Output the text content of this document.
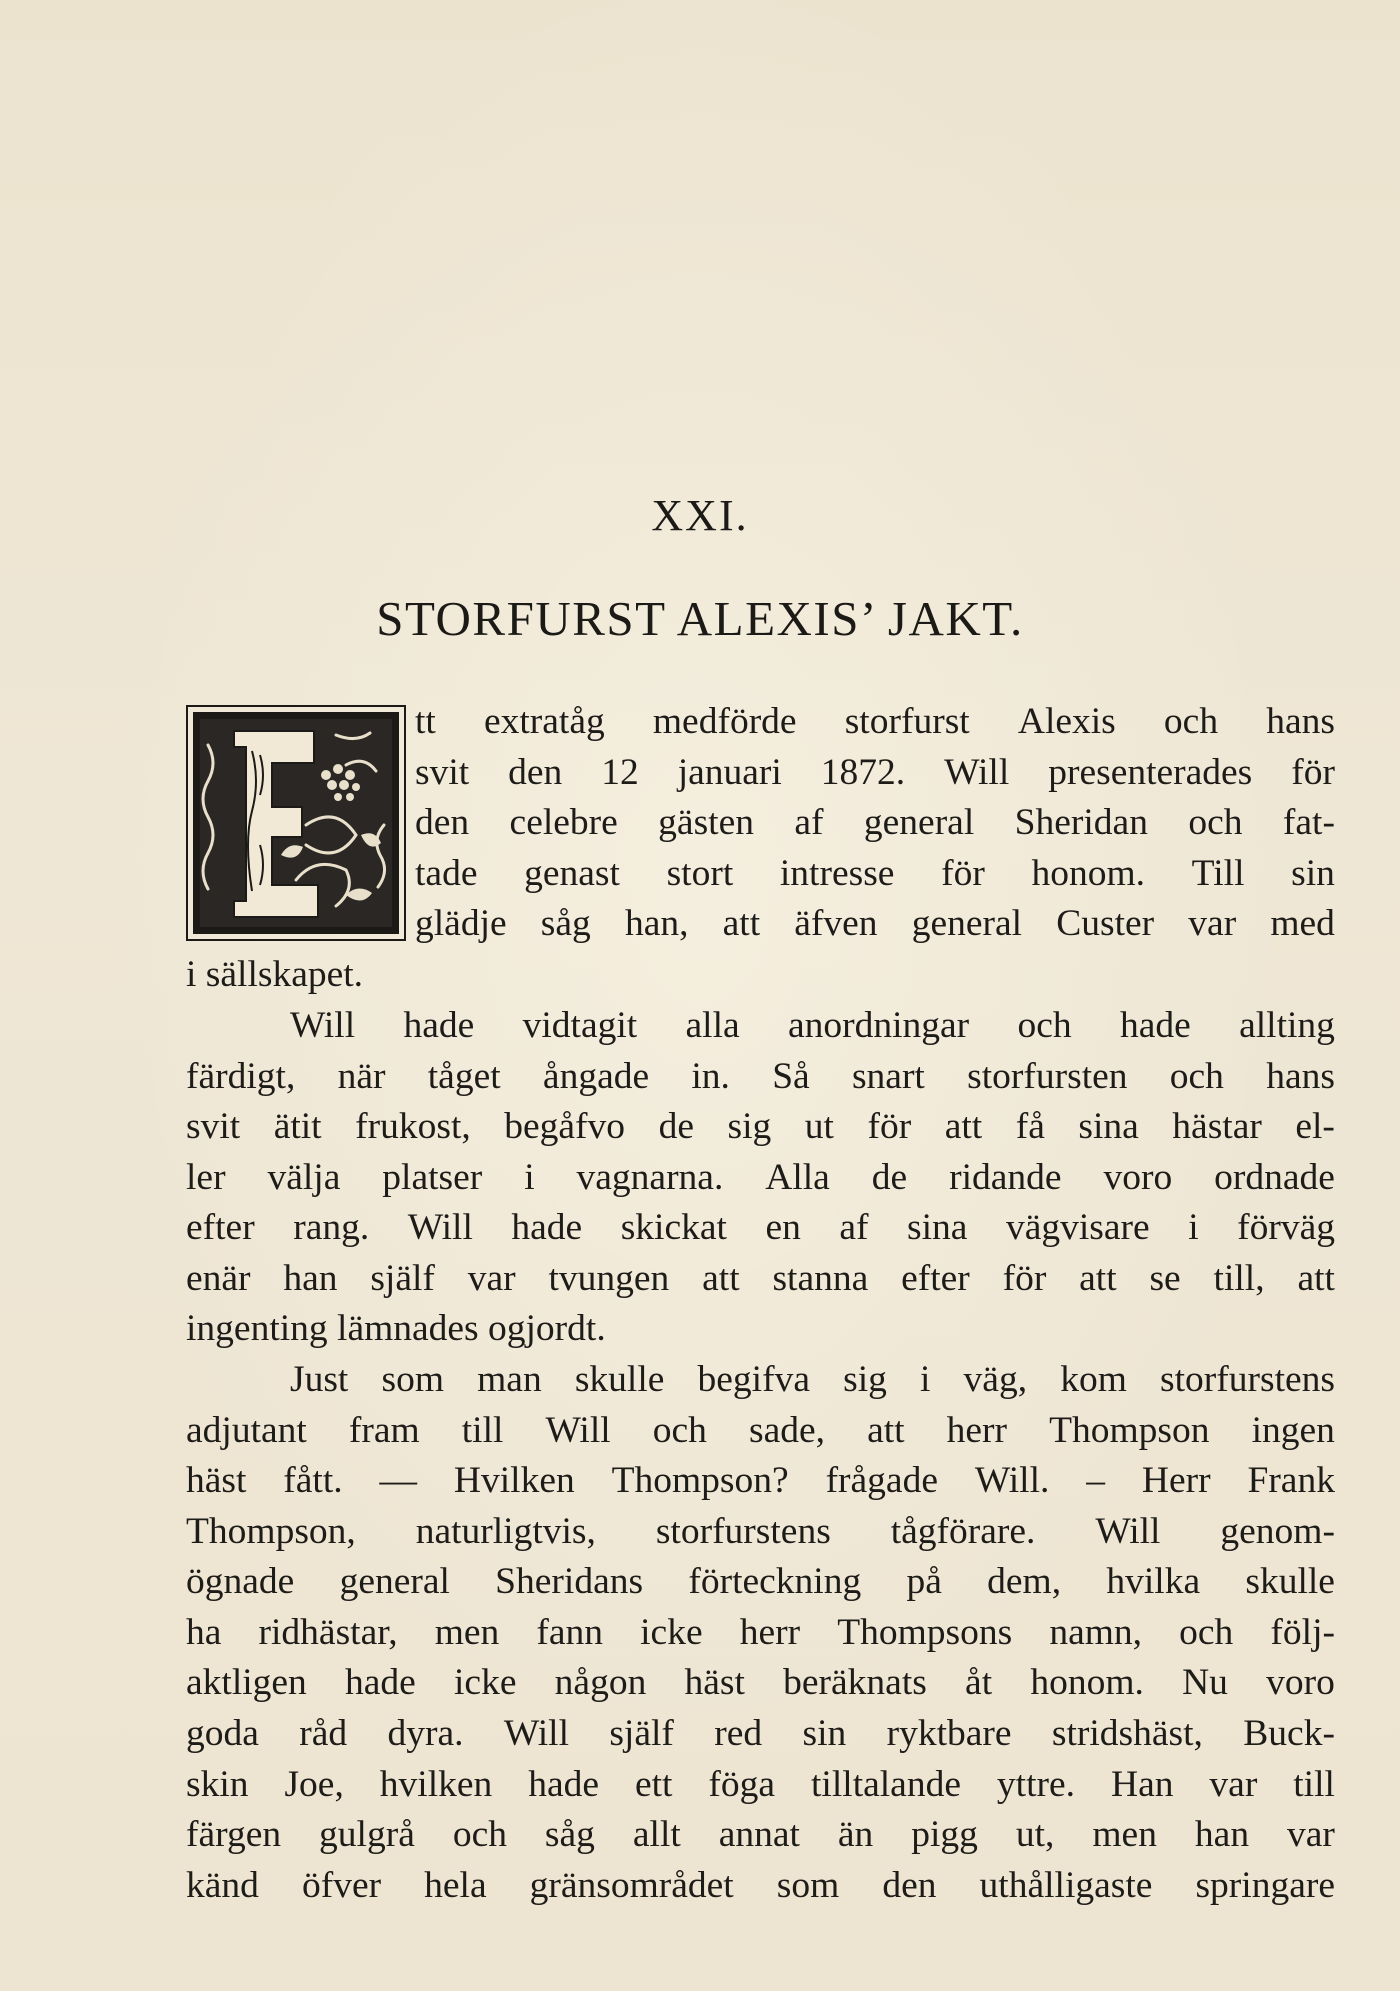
XXI.
STORFURST ALEXIS’ JAKT.
tt extratåg medförde storfurst Alexis och hans
svit den 12 januari 1872. Will presenterades för
den celebre gästen af general Sheridan och fat-
tade genast stort intresse för honom. Till sin
glädje såg han, att äfven general Custer var med
i sällskapet.
Will hade vidtagit alla anordningar och hade allting
färdigt, när tåget ångade in. Så snart storfursten och hans
svit ätit frukost, begåfvo de sig ut för att få sina hästar el-
ler välja platser i vagnarna. Alla de ridande voro ordnade
efter rang. Will hade skickat en af sina vägvisare i förväg
enär han själf var tvungen att stanna efter för att se till, att
ingenting lämnades ogjordt.
Just som man skulle begifva sig i väg, kom storfurstens
adjutant fram till Will och sade, att herr Thompson ingen
häst fått. — Hvilken Thompson? frågade Will. – Herr Frank
Thompson, naturligtvis, storfurstens tågförare. Will genom-
ögnade general Sheridans förteckning på dem, hvilka skulle
ha ridhästar, men fann icke herr Thompsons namn, och följ-
aktligen hade icke någon häst beräknats åt honom. Nu voro
goda råd dyra. Will själf red sin ryktbare stridshäst, Buck-
skin Joe, hvilken hade ett föga tilltalande yttre. Han var till
färgen gulgrå och såg allt annat än pigg ut, men han var
känd öfver hela gränsområdet som den uthålligaste springare
